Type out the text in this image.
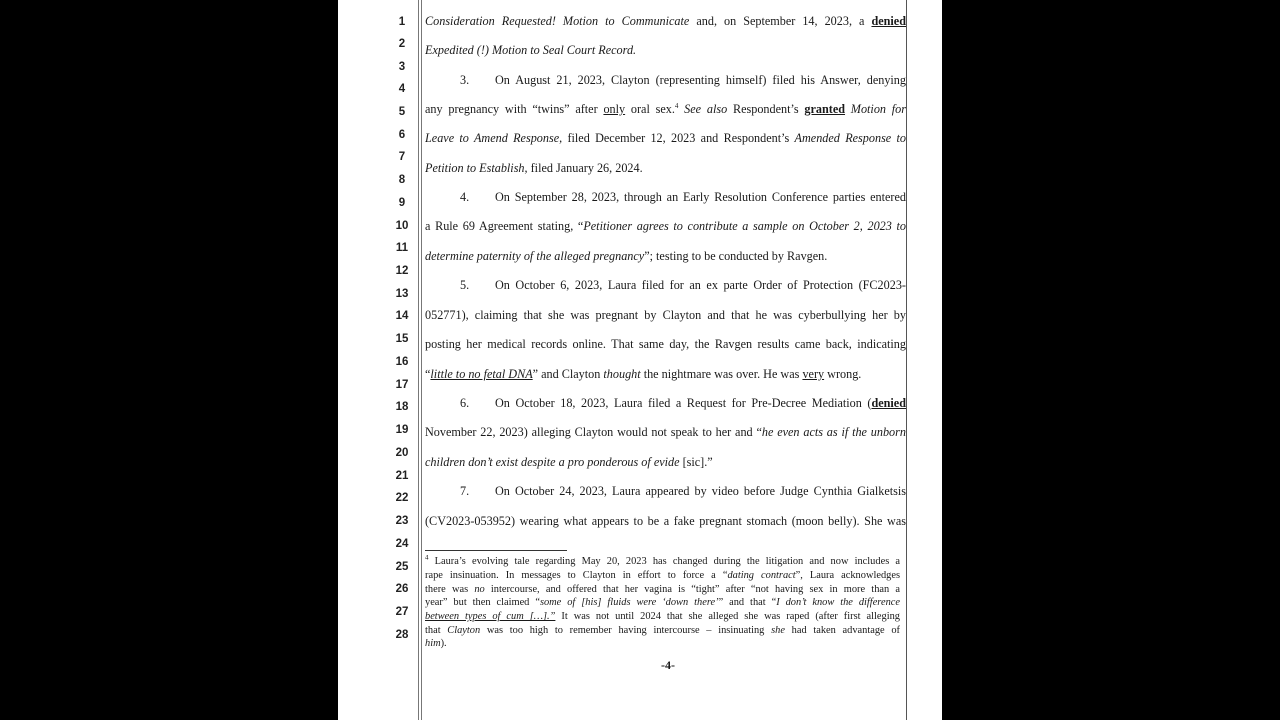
1
2
3
4
5
6
7
8
9
10
11
12
13
14
15
16
17
18
19
20
21
22
23
24
25
26
27
28
Consideration Requested! Motion to Communicate and, on September 14, 2023, a denied
Expedited (!) Motion to Seal Court Record.
3. On August 21, 2023, Clayton (representing himself) filed his Answer, denying
any pregnancy with “twins” after only oral sex.$^4$ See also Respondent’s granted Motion for
Leave to Amend Response, filed December 12, 2023 and Respondent’s Amended Response to
Petition to Establish, filed January 26, 2024.
4. On September 28, 2023, through an Early Resolution Conference parties entered
a Rule 69 Agreement stating, “Petitioner agrees to contribute a sample on October 2, 2023 to
determine paternity of the alleged pregnancy”; testing to be conducted by Ravgen.
5. On October 6, 2023, Laura filed for an ex parte Order of Protection (FC2023-
052771), claiming that she was pregnant by Clayton and that he was cyberbullying her by
posting her medical records online. That same day, the Ravgen results came back, indicating
“little to no fetal DNA” and Clayton thought the nightmare was over. He was very wrong.
6. On October 18, 2023, Laura filed a Request for Pre-Decree Mediation (denied
November 22, 2023) alleging Clayton would not speak to her and “he even acts as if the unborn
children don’t exist despite a pro ponderous of evide [sic].”
7. On October 24, 2023, Laura appeared by video before Judge Cynthia Gialketsis
(CV2023-053952) wearing what appears to be a fake pregnant stomach (moon belly). She was
$^4$ Laura’s evolving tale regarding May 20, 2023 has changed during the litigation and now includes a
rape insinuation. In messages to Clayton in effort to force a “dating contract”, Laura acknowledges
there was no intercourse, and offered that her vagina is “tight” after “not having sex in more than a
year” but then claimed “some of [his] fluids were ‘down there’” and that “I don’t know the difference
between types of cum […].” It was not until 2024 that she alleged she was raped (after first alleging
that Clayton was too high to remember having intercourse – insinuating she had taken advantage of
him).
-4-
